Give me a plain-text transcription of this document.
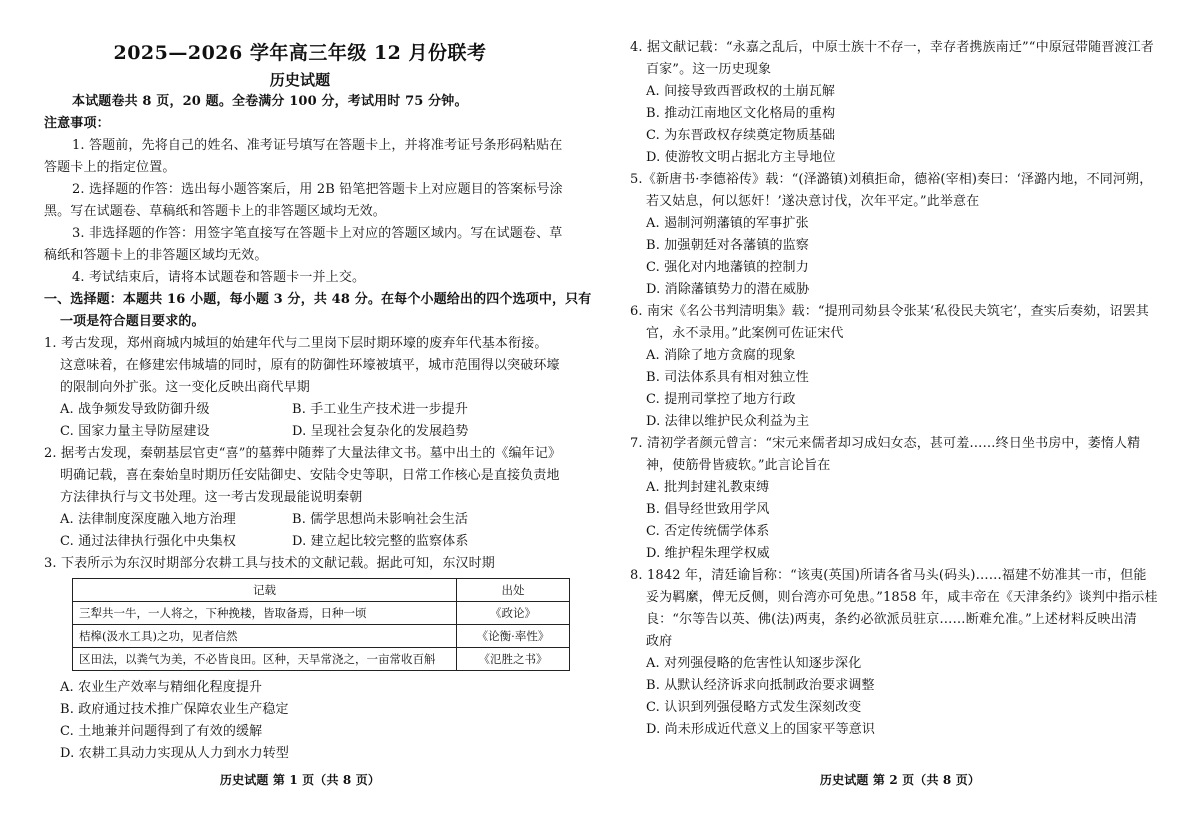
2025—2026 学年高三年级 12 月份联考
历史试题
本试题卷共 8 页，20 题。全卷满分 100 分，考试用时 75 分钟。
注意事项：
1. 答题前，先将自己的姓名、准考证号填写在答题卡上，并将准考证号条形码粘贴在
答题卡上的指定位置。
2. 选择题的作答：选出每小题答案后，用 2B 铅笔把答题卡上对应题目的答案标号涂
黑。写在试题卷、草稿纸和答题卡上的非答题区域均无效。
3. 非选择题的作答：用签字笔直接写在答题卡上对应的答题区域内。写在试题卷、草
稿纸和答题卡上的非答题区域均无效。
4. 考试结束后，请将本试题卷和答题卡一并上交。
一、选择题：本题共 16 小题，每小题 3 分，共 48 分。在每个小题给出的四个选项中，只有
一项是符合题目要求的。
1. 考古发现，郑州商城内城垣的始建年代与二里岗下层时期环壕的废弃年代基本衔接。
这意味着，在修建宏伟城墙的同时，原有的防御性环壕被填平，城市范围得以突破环壕
的限制向外扩张。这一变化反映出商代早期
A. 战争频发导致防御升级	B. 手工业生产技术进一步提升
C. 国家力量主导防屋建设	D. 呈现社会复杂化的发展趋势
2. 据考古发现，秦朝基层官吏“喜”的墓葬中随葬了大量法律文书。墓中出土的《编年记》
明确记载，喜在秦始皇时期历任安陆御史、安陆令史等职，日常工作核心是直接负责地
方法律执行与文书处理。这一考古发现最能说明秦朝
A. 法律制度深度融入地方治理	B. 儒学思想尚未影响社会生活
C. 通过法律执行强化中央集权	D. 建立起比较完整的监察体系
3. 下表所示为东汉时期部分农耕工具与技术的文献记载。据此可知，东汉时期
记载	出处
三犁共一牛，一人将之，下种挽耧，皆取备焉，日种一顷	《政论》
桔槔(汲水工具)之功，见者信然	《论衡·率性》
区田法，以粪气为美，不必皆良田。区种，天旱常浇之，一亩常收百斛	《氾胜之书》
A. 农业生产效率与精细化程度提升
B. 政府通过技术推广保障农业生产稳定
C. 土地兼并问题得到了有效的缓解
D. 农耕工具动力实现从人力到水力转型
历史试题 第 1 页（共 8 页）
4. 据文献记载：“永嘉之乱后，中原士族十不存一，幸存者携族南迁”“中原冠带随晋渡江者
百家”。这一历史现象
A. 间接导致西晋政权的土崩瓦解
B. 推动江南地区文化格局的重构
C. 为东晋政权存续奠定物质基础
D. 使游牧文明占据北方主导地位
5.《新唐书·李德裕传》载：“(泽潞镇)刘稹拒命，德裕(宰相)奏曰：‘泽潞内地，不同河朔，
若又姑息，何以惩奸！’遂决意讨伐，次年平定。”此举意在
A. 遏制河朔藩镇的军事扩张
B. 加强朝廷对各藩镇的监察
C. 强化对内地藩镇的控制力
D. 消除藩镇势力的潜在威胁
6. 南宋《名公书判清明集》载：“提刑司劾县令张某‘私役民夫筑宅’，查实后奏劾，诏罢其
官，永不录用。”此案例可佐证宋代
A. 消除了地方贪腐的现象
B. 司法体系具有相对独立性
C. 提刑司掌控了地方行政
D. 法律以维护民众利益为主
7. 清初学者颜元曾言：“宋元来儒者却习成妇女态，甚可羞……终日坐书房中，萎惰人精
神，使筋骨皆疲软。”此言论旨在
A. 批判封建礼教束缚
B. 倡导经世致用学风
C. 否定传统儒学体系
D. 维护程朱理学权威
8. 1842 年，清廷谕旨称：“该夷(英国)所请各省马头(码头)……福建不妨准其一市，但能
妥为羁縻，俾无反侧，则台湾亦可免患。”1858 年，咸丰帝在《天津条约》谈判中指示桂
良：“尔等告以英、佛(法)两夷，条约必欲派员驻京……断难允准。”上述材料反映出清
政府
A. 对列强侵略的危害性认知逐步深化
B. 从默认经济诉求向抵制政治要求调整
C. 认识到列强侵略方式发生深刻改变
D. 尚未形成近代意义上的国家平等意识
历史试题 第 2 页（共 8 页）
